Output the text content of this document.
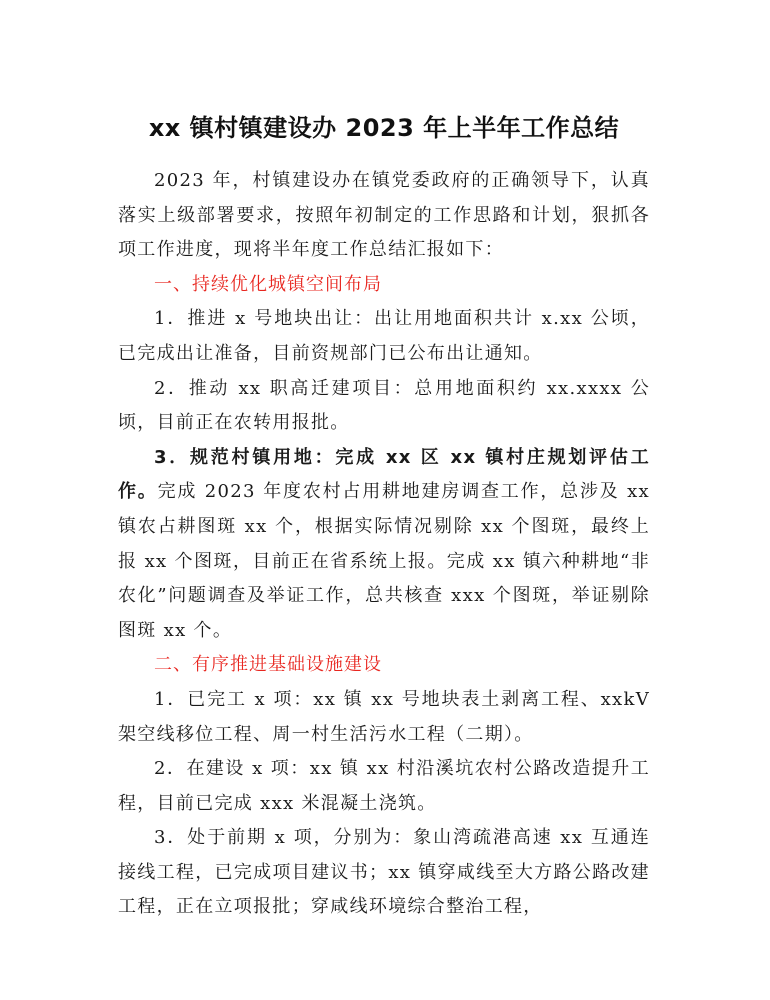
xx 镇村镇建设办 2023 年上半年工作总结

2023 年，村镇建设办在镇党委政府的正确领导下，认真落实上级部署要求，按照年初制定的工作思路和计划，狠抓各项工作进度，现将半年度工作总结汇报如下：

一、持续优化城镇空间布局

1．推进 x 号地块出让：出让用地面积共计 x.xx 公顷，已完成出让准备，目前资规部门已公布出让通知。

2．推动 xx 职高迁建项目：总用地面积约 xx.xxxx 公顷，目前正在农转用报批。

3．规范村镇用地：完成 xx 区 xx 镇村庄规划评估工作。完成 2023 年度农村占用耕地建房调查工作，总涉及 xx 镇农占耕图斑 xx 个，根据实际情况剔除 xx 个图斑，最终上报 xx 个图斑，目前正在省系统上报。完成 xx 镇六种耕地“非农化”问题调查及举证工作，总共核查 xxx 个图斑，举证剔除图斑 xx 个。

二、有序推进基础设施建设

1．已完工 x 项：xx 镇 xx 号地块表土剥离工程、xxkV 架空线移位工程、周一村生活污水工程（二期）。

2．在建设 x 项：xx 镇 xx 村沿溪坑农村公路改造提升工程，目前已完成 xxx 米混凝土浇筑。

3．处于前期 x 项，分别为：象山湾疏港高速 xx 互通连接线工程，已完成项目建议书；xx 镇穿咸线至大方路公路改建工程，正在立项报批；穿咸线环境综合整治工程，
